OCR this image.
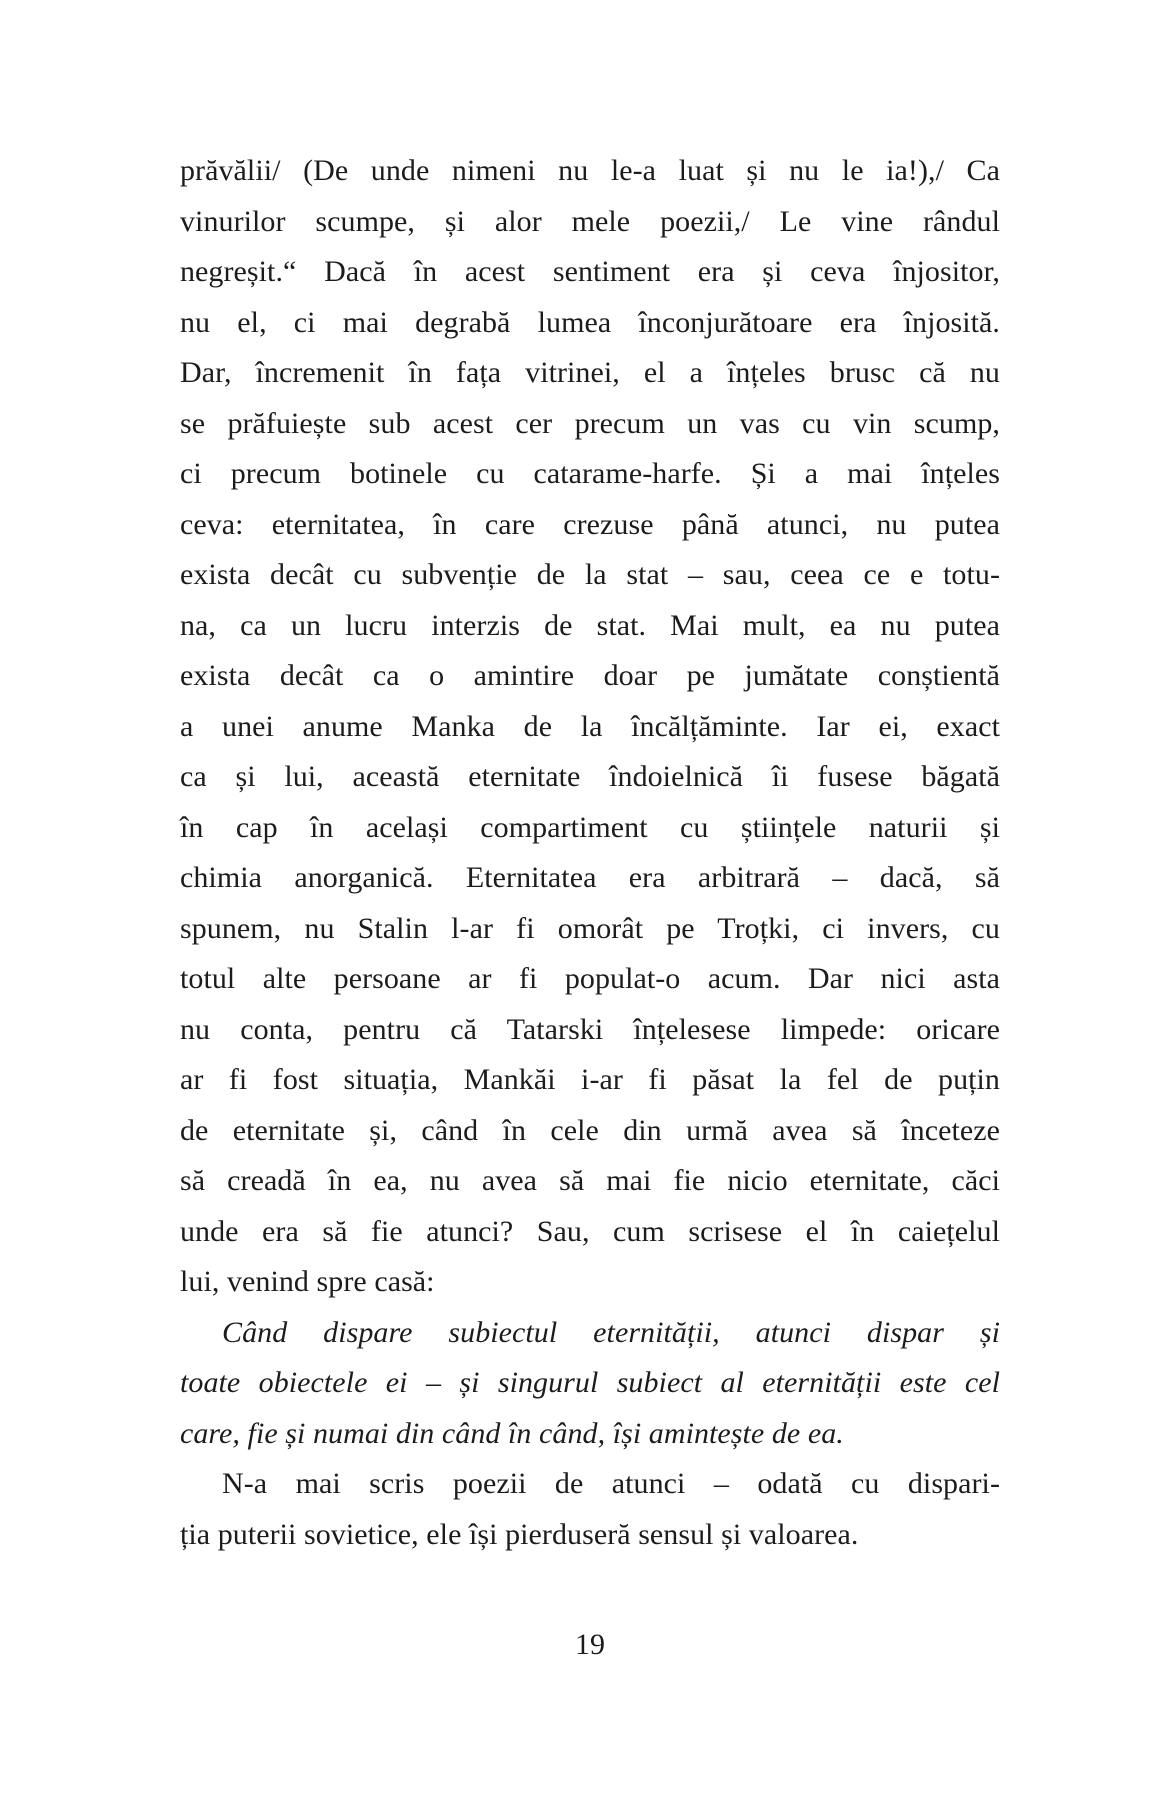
prăvălii/ (De unde nimeni nu le-a luat și nu le ia!),/ Ca
vinurilor scumpe, și alor mele poezii,/ Le vine rândul
negreșit.“ Dacă în acest sentiment era și ceva înjositor,
nu el, ci mai degrabă lumea înconjurătoare era înjosită.
Dar, încremenit în fața vitrinei, el a înțeles brusc că nu
se prăfuiește sub acest cer precum un vas cu vin scump,
ci precum botinele cu catarame-harfe. Și a mai înțeles
ceva: eternitatea, în care crezuse până atunci, nu putea
exista decât cu subvenție de la stat – sau, ceea ce e totu-
na, ca un lucru interzis de stat. Mai mult, ea nu putea
exista decât ca o amintire doar pe jumătate conștientă
a unei anume Manka de la încălțăminte. Iar ei, exact
ca și lui, această eternitate îndoielnică îi fusese băgată
în cap în același compartiment cu științele naturii și
chimia anorganică. Eternitatea era arbitrară – dacă, să
spunem, nu Stalin l-ar fi omorât pe Troțki, ci invers, cu
totul alte persoane ar fi populat-o acum. Dar nici asta
nu conta, pentru că Tatarski înțelesese limpede: oricare
ar fi fost situația, Mankăi i-ar fi păsat la fel de puțin
de eternitate și, când în cele din urmă avea să înceteze
să creadă în ea, nu avea să mai fie nicio eternitate, căci
unde era să fie atunci? Sau, cum scrisese el în caiețelul
lui, venind spre casă:
Când dispare subiectul eternității, atunci dispar și
toate obiectele ei – și singurul subiect al eternității este cel
care, fie și numai din când în când, își amintește de ea.
N-a mai scris poezii de atunci – odată cu dispari-
ția puterii sovietice, ele își pierduseră sensul și valoarea.
19
